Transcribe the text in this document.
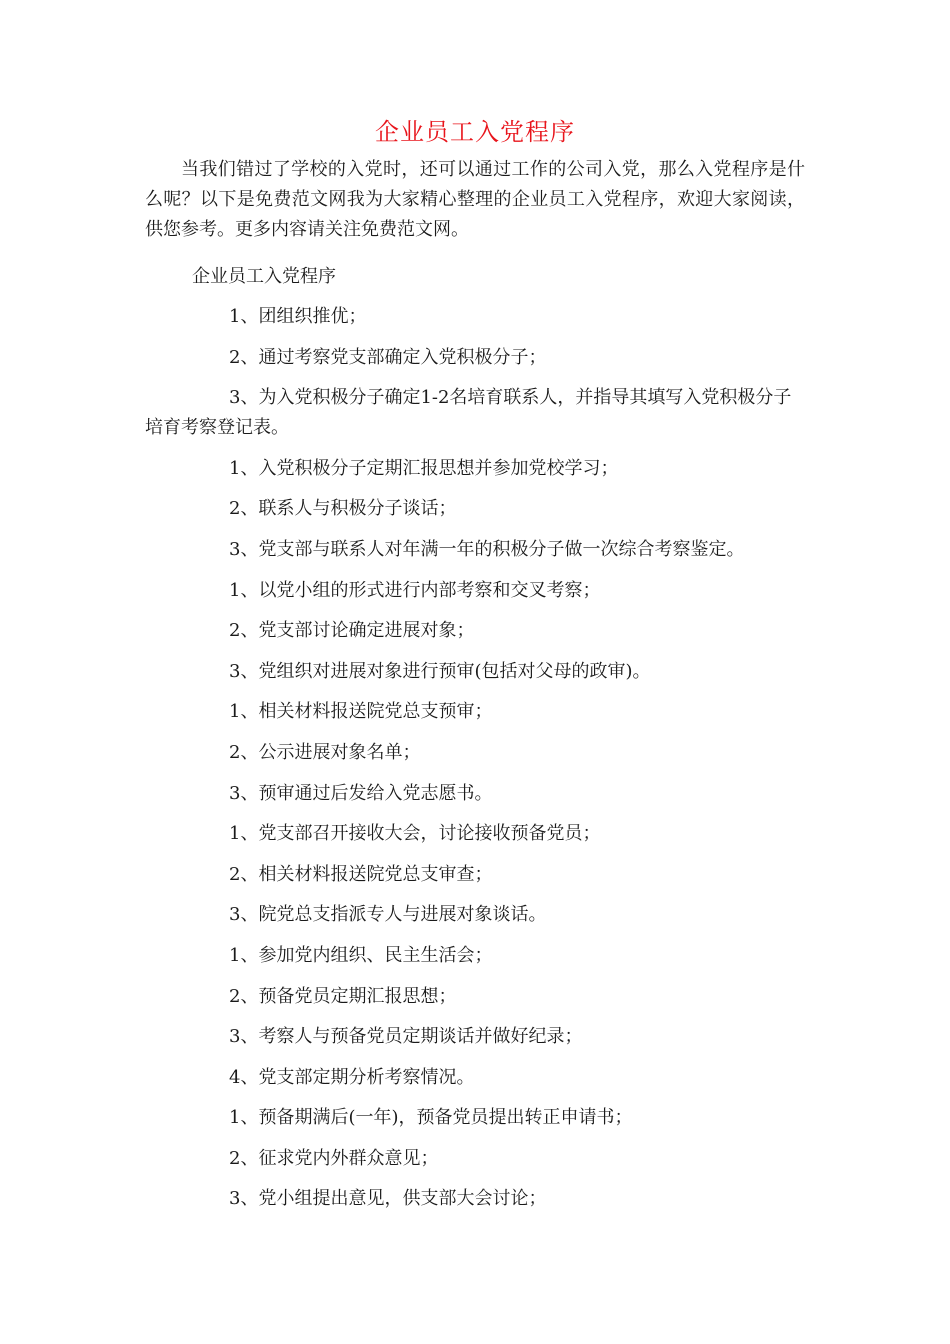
企业员工入党程序

当我们错过了学校的入党时，还可以通过工作的公司入党，那么入党程序是什么呢？以下是免费范文网我为大家精心整理的企业员工入党程序，欢迎大家阅读，供您参考。更多内容请关注免费范文网。

企业员工入党程序

1、团组织推优；
2、通过考察党支部确定入党积极分子；
3、为入党积极分子确定1-2名培育联系人，并指导其填写入党积极分子培育考察登记表。
1、入党积极分子定期汇报思想并参加党校学习；
2、联系人与积极分子谈话；
3、党支部与联系人对年满一年的积极分子做一次综合考察鉴定。
1、以党小组的形式进行内部考察和交叉考察；
2、党支部讨论确定进展对象；
3、党组织对进展对象进行预审(包括对父母的政审)。
1、相关材料报送院党总支预审；
2、公示进展对象名单；
3、预审通过后发给入党志愿书。
1、党支部召开接收大会，讨论接收预备党员；
2、相关材料报送院党总支审查；
3、院党总支指派专人与进展对象谈话。
1、参加党内组织、民主生活会；
2、预备党员定期汇报思想；
3、考察人与预备党员定期谈话并做好纪录；
4、党支部定期分析考察情况。
1、预备期满后(一年)，预备党员提出转正申请书；
2、征求党内外群众意见；
3、党小组提出意见，供支部大会讨论；
